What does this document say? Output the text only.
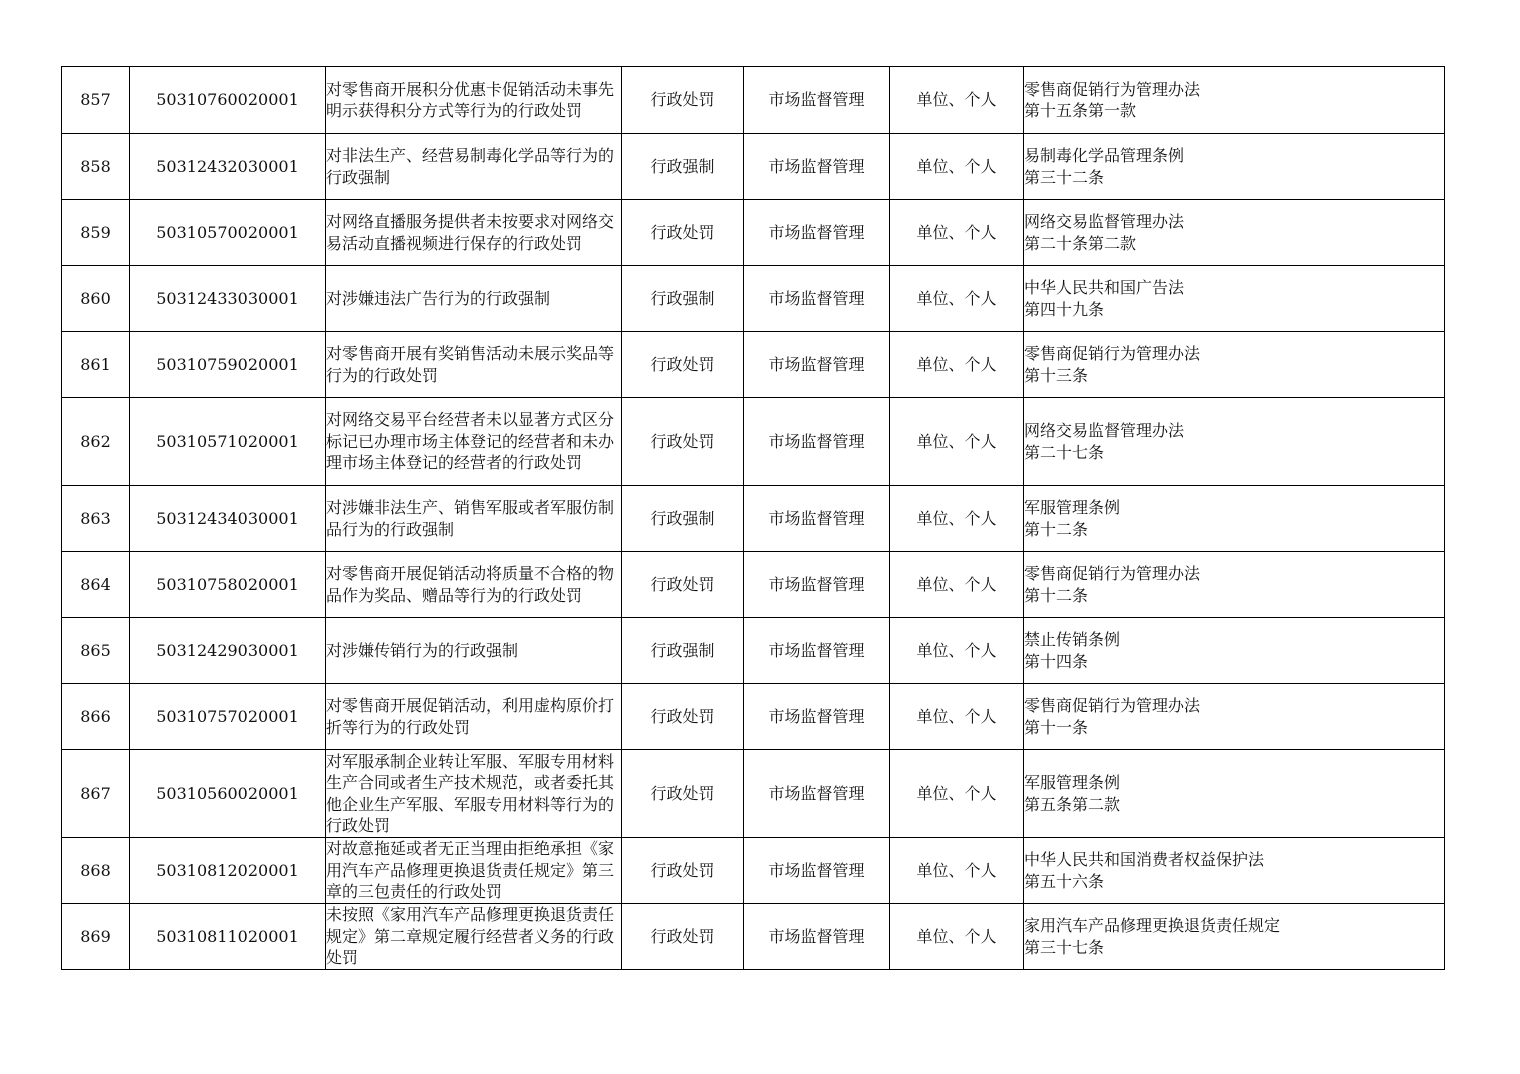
857	50310760020001	对零售商开展积分优惠卡促销活动未事先明示获得积分方式等行为的行政处罚	行政处罚	市场监督管理	单位、个人	零售商促销行为管理办法
第十五条第一款

858	50312432030001	对非法生产、经营易制毒化学品等行为的行政强制	行政强制	市场监督管理	单位、个人	易制毒化学品管理条例
第三十二条

859	50310570020001	对网络直播服务提供者未按要求对网络交易活动直播视频进行保存的行政处罚	行政处罚	市场监督管理	单位、个人	网络交易监督管理办法
第二十条第二款

860	50312433030001	对涉嫌违法广告行为的行政强制	行政强制	市场监督管理	单位、个人	中华人民共和国广告法
第四十九条

861	50310759020001	对零售商开展有奖销售活动未展示奖品等行为的行政处罚	行政处罚	市场监督管理	单位、个人	零售商促销行为管理办法
第十三条

862	50310571020001	对网络交易平台经营者未以显著方式区分标记已办理市场主体登记的经营者和未办理市场主体登记的经营者的行政处罚	行政处罚	市场监督管理	单位、个人	网络交易监督管理办法
第二十七条

863	50312434030001	对涉嫌非法生产、销售军服或者军服仿制品行为的行政强制	行政强制	市场监督管理	单位、个人	军服管理条例
第十二条

864	50310758020001	对零售商开展促销活动将质量不合格的物品作为奖品、赠品等行为的行政处罚	行政处罚	市场监督管理	单位、个人	零售商促销行为管理办法
第十二条

865	50312429030001	对涉嫌传销行为的行政强制	行政强制	市场监督管理	单位、个人	禁止传销条例
第十四条

866	50310757020001	对零售商开展促销活动，利用虚构原价打折等行为的行政处罚	行政处罚	市场监督管理	单位、个人	零售商促销行为管理办法
第十一条

867	50310560020001	对军服承制企业转让军服、军服专用材料生产合同或者生产技术规范，或者委托其他企业生产军服、军服专用材料等行为的行政处罚	行政处罚	市场监督管理	单位、个人	军服管理条例
第五条第二款

868	50310812020001	对故意拖延或者无正当理由拒绝承担《家用汽车产品修理更换退货责任规定》第三章的三包责任的行政处罚	行政处罚	市场监督管理	单位、个人	中华人民共和国消费者权益保护法
第五十六条

869	50310811020001	未按照《家用汽车产品修理更换退货责任规定》第二章规定履行经营者义务的行政处罚	行政处罚	市场监督管理	单位、个人	家用汽车产品修理更换退货责任规定
第三十七条
